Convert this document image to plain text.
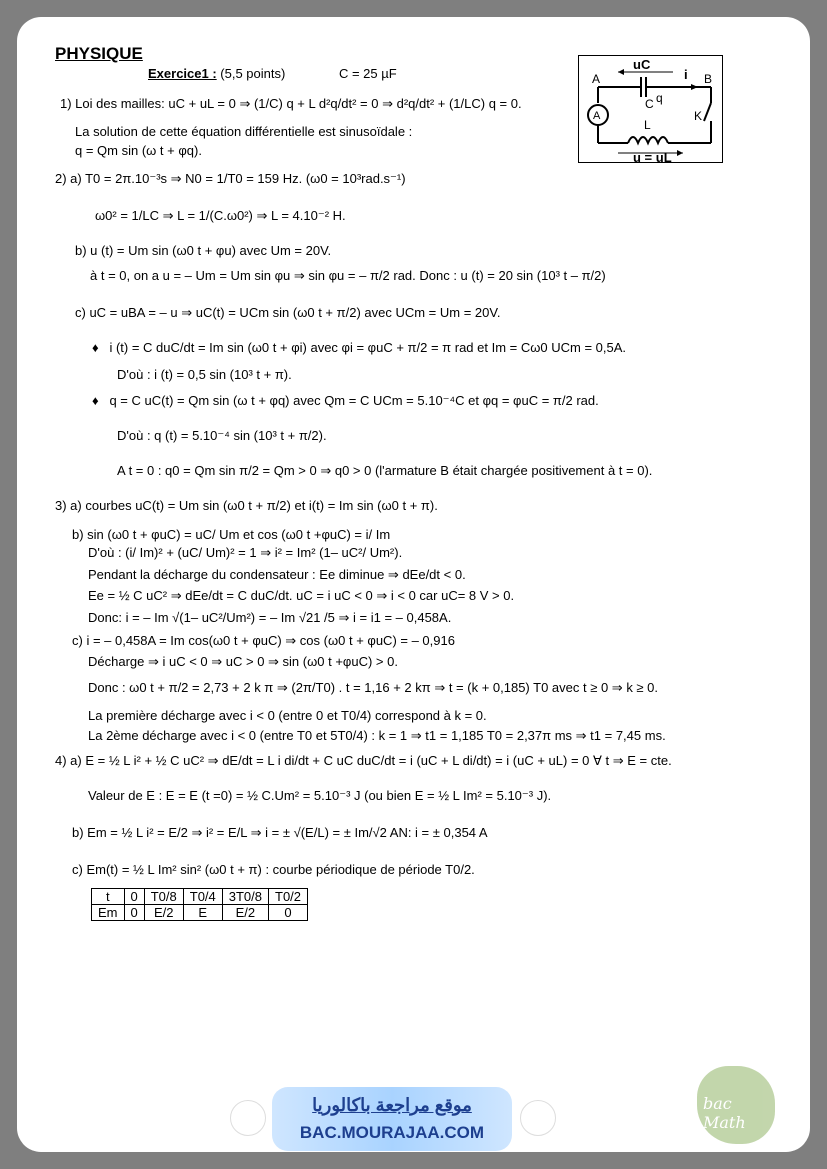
PHYSIQUE
Exercice1 : (5,5 points)	C = 25 µF
uC
i
A	B
C q
L
K
A
u = uL
1) Loi des mailles: uC + uL = 0 ⇒ (1/C) q + L d²q/dt² = 0 ⇒ d²q/dt² + (1/LC) q = 0.
La solution de cette équation différentielle est sinusoïdale :
q = Qm sin (ω t + φq).
2) a) T0 = 2π.10⁻³s ⇒ N0 = 1/T0 = 159 Hz. (ω0 = 10³rad.s⁻¹)
ω0² = 1/LC ⇒ L = 1/(C.ω0²) ⇒ L = 4.10⁻² H.
b) u (t) = Um sin (ω0 t + φu) avec Um = 20V.
à t = 0, on a u = – Um = Um sin φu ⇒ sin φu = – π/2 rad. Donc : u (t) = 20 sin (10³ t – π/2)
c) uC = uBA = – u ⇒ uC(t) = UCm sin (ω0 t + π/2) avec UCm = Um = 20V.
♦   i (t) = C duC/dt = Im sin (ω0 t + φi) avec φi = φuC + π/2 = π rad et Im = Cω0 UCm = 0,5A.
D'où : i (t) = 0,5 sin (10³ t + π).
♦   q = C uC(t) = Qm sin (ω t + φq) avec Qm = C UCm = 5.10⁻⁴C et φq = φuC = π/2 rad.
D'où : q (t) = 5.10⁻⁴ sin (10³ t + π/2).
A t = 0 : q0 = Qm sin π/2 = Qm > 0 ⇒ q0 > 0 (l'armature B était chargée positivement à t = 0).
3) a) courbes uC(t) = Um sin (ω0 t + π/2) et i(t) = Im sin (ω0 t + π).
b) sin (ω0 t + φuC) = uC/ Um et cos (ω0 t +φuC) = i/ Im
D'où : (i/ Im)² + (uC/ Um)² = 1 ⇒ i² = Im² (1– uC²/ Um²).
Pendant la décharge du condensateur : Ee diminue ⇒ dEe/dt < 0.
Ee = ½ C uC² ⇒ dEe/dt = C duC/dt. uC = i uC < 0 ⇒ i < 0 car uC= 8 V > 0.
Donc: i = – Im √(1– uC²/Um²) = – Im √21 /5 ⇒ i = i1 = – 0,458A.
c) i = – 0,458A = Im cos(ω0 t + φuC) ⇒ cos (ω0 t + φuC) = – 0,916
Décharge ⇒ i uC < 0 ⇒ uC > 0 ⇒ sin (ω0 t +φuC) > 0.
Donc : ω0 t + π/2 = 2,73 + 2 k π ⇒ (2π/T0) . t = 1,16 + 2 kπ ⇒ t = (k + 0,185) T0 avec t ≥ 0 ⇒ k ≥ 0.
La première décharge avec i < 0 (entre 0 et T0/4) correspond à k = 0.
La 2ème décharge avec i < 0 (entre T0 et 5T0/4) : k = 1 ⇒ t1 = 1,185 T0 = 2,37π ms ⇒ t1 = 7,45 ms.
4) a) E = ½ L i² + ½ C uC² ⇒ dE/dt = L i di/dt + C uC duC/dt = i (uC + L di/dt) = i (uC + uL) = 0 ∀ t ⇒ E = cte.
Valeur de E : E = E (t =0) = ½ C.Um² = 5.10⁻³ J (ou bien E = ½ L Im² = 5.10⁻³ J).
b) Em = ½ L i² = E/2 ⇒ i² = E/L ⇒ i = ± √(E/L) = ± Im/√2 AN: i = ± 0,354 A
c) Em(t) = ½ L Im² sin² (ω0 t + π) : courbe périodique de période T0/2.
t	0	T0/8	T0/4	3T0/8	T0/2
Em	0	E/2	E	E/2	0
موقع مراجعة باكالوريا
BAC.MOURAJAA.COM
bac Math
